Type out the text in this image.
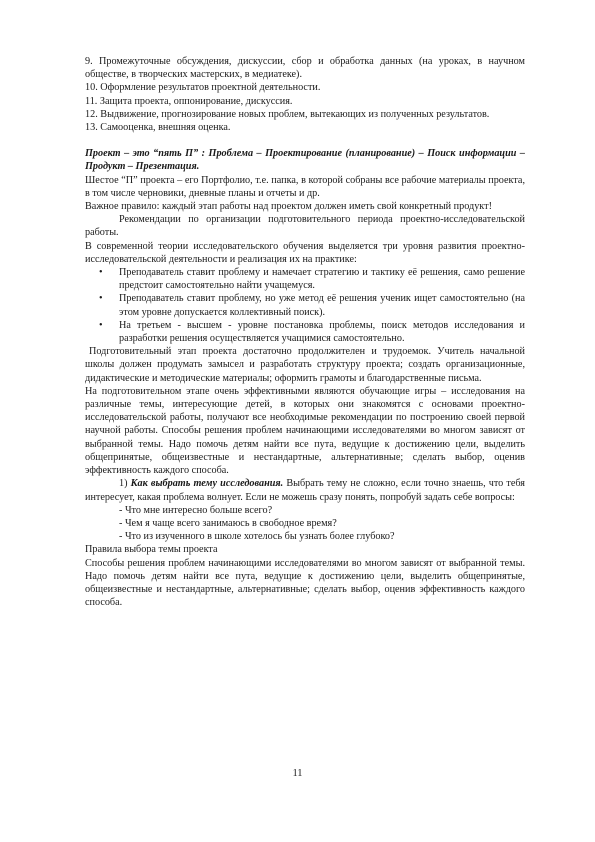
9. Промежуточные обсуждения, дискуссии, сбор и обработка данных (на уроках, в научном обществе, в творческих мастерских, в медиатеке).

10. Оформление результатов проектной деятельности.

11. Защита проекта, оппонирование, дискуссия.

12. Выдвижение, прогнозирование новых проблем, вытекающих из полученных результатов.

13. Самооценка, внешняя оценка.

Проект – это “пять П” : Проблема – Проектирование (планирование) – Поиск информации – Продукт – Презентация.

Шестое “П” проекта – его Портфолио, т.е. папка, в которой собраны все рабочие материалы проекта, в том числе черновики, дневные планы и отчеты и др.

Важное правило: каждый этап работы над проектом должен иметь свой конкретный продукт!

Рекомендации по организации подготовительного периода проектно-исследовательской работы.

В современной теории исследовательского обучения выделяется три уровня развития проектно-исследовательской деятельности и реализация их на практике:

• Преподаватель ставит проблему и намечает стратегию и тактику её решения, само решение предстоит самостоятельно найти учащемуся.
• Преподаватель ставит проблему, но уже метод её решения ученик ищет самостоятельно (на этом уровне допускается коллективный поиск).
• На третьем - высшем - уровне постановка проблемы, поиск методов исследования и разработки решения осуществляется учащимися самостоятельно.

Подготовительный этап проекта достаточно продолжителен и трудоемок. Учитель начальной школы должен продумать замысел и разработать структуру проекта; создать организационные, дидактические и методические материалы; оформить грамоты и благодарственные письма.

На подготовительном этапе очень эффективными являются обучающие игры – исследования на различные темы, интересующие детей, в которых они знакомятся с основами проектно-исследовательской работы, получают все необходимые рекомендации по построению своей первой научной работы. Способы решения проблем начинающими исследователями во многом зависят от выбранной темы. Надо помочь детям найти все пута, ведущие к достижению цели, выделить общепринятые, общеизвестные и нестандартные, альтернативные; сделать выбор, оценив эффективность каждого способа.

1) Как выбрать тему исследования. Выбрать тему не сложно, если точно знаешь, что тебя интересует, какая проблема волнует. Если не можешь сразу понять, попробуй задать себе вопросы:

- Что мне интересно больше всего?
- Чем я чаще всего занимаюсь в свободное время?
- Что из изученного в школе хотелось бы узнать более глубоко?

Правила выбора темы проекта

Способы решения проблем начинающими исследователями во многом зависят от выбранной темы. Надо помочь детям найти все пута, ведущие к достижению цели, выделить общепринятые, общеизвестные и нестандартные, альтернативные; сделать выбор, оценив эффективность каждого способа.

11
